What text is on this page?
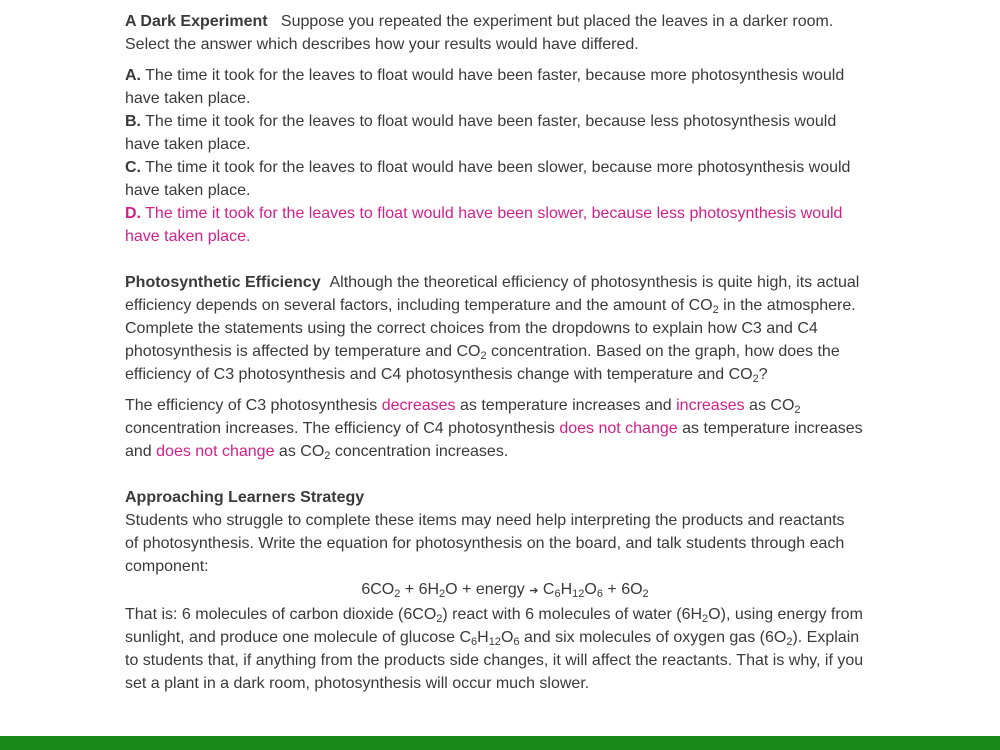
A Dark Experiment Suppose you repeated the experiment but placed the leaves in a darker room.
Select the answer which describes how your results would have differed.

A. The time it took for the leaves to float would have been faster, because more photosynthesis would
have taken place.

B. The time it took for the leaves to float would have been faster, because less photosynthesis would
have taken place.

C. The time it took for the leaves to float would have been slower, because more photosynthesis would
have taken place.

D. The time it took for the leaves to float would have been slower, because less photosynthesis would
have taken place.

Photosynthetic Efficiency Although the theoretical efficiency of photosynthesis is quite high, its actual
efficiency depends on several factors, including temperature and the amount of $CO_2$ in the atmosphere.
Complete the statements using the correct choices from the dropdowns to explain how C3 and C4
photosynthesis is affected by temperature and $CO_2$ concentration. Based on the graph, how does the
efficiency of C3 photosynthesis and C4 photosynthesis change with temperature and $CO_2$?

The efficiency of C3 photosynthesis decreases as temperature increases and increases as $CO_2$
concentration increases. The efficiency of C4 photosynthesis does not change as temperature increases
and does not change as $CO_2$ concentration increases.

Approaching Learners Strategy
Students who struggle to complete these items may need help interpreting the products and reactants
of photosynthesis. Write the equation for photosynthesis on the board, and talk students through each
component:

$6CO_2 + 6H_2O$ + energy ➔ $C_6H_{12}O_6 + 6O_2$

That is: 6 molecules of carbon dioxide $(6CO_2)$ react with 6 molecules of water $(6H_2O)$, using energy from
sunlight, and produce one molecule of glucose $C_6H_{12}O_6$ and six molecules of oxygen gas $(6O_2)$. Explain
to students that, if anything from the products side changes, it will affect the reactants. That is why, if you
set a plant in a dark room, photosynthesis will occur much slower.
